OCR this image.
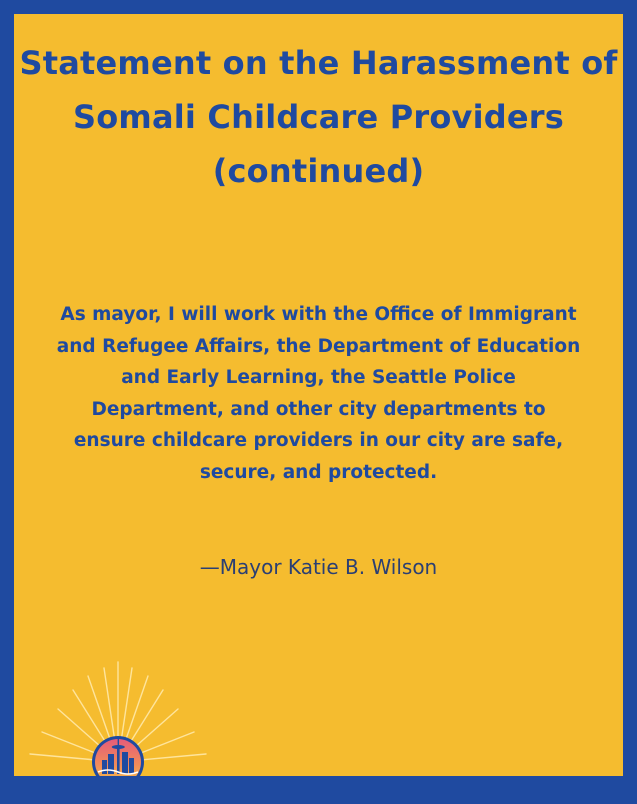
Statement on the Harassment of Somali Childcare Providers (continued)

As mayor, I will work with the Office of Immigrant and Refugee Affairs, the Department of Education and Early Learning, the Seattle Police Department, and other city departments to ensure childcare providers in our city are safe, secure, and protected.

—Mayor Katie B. Wilson
